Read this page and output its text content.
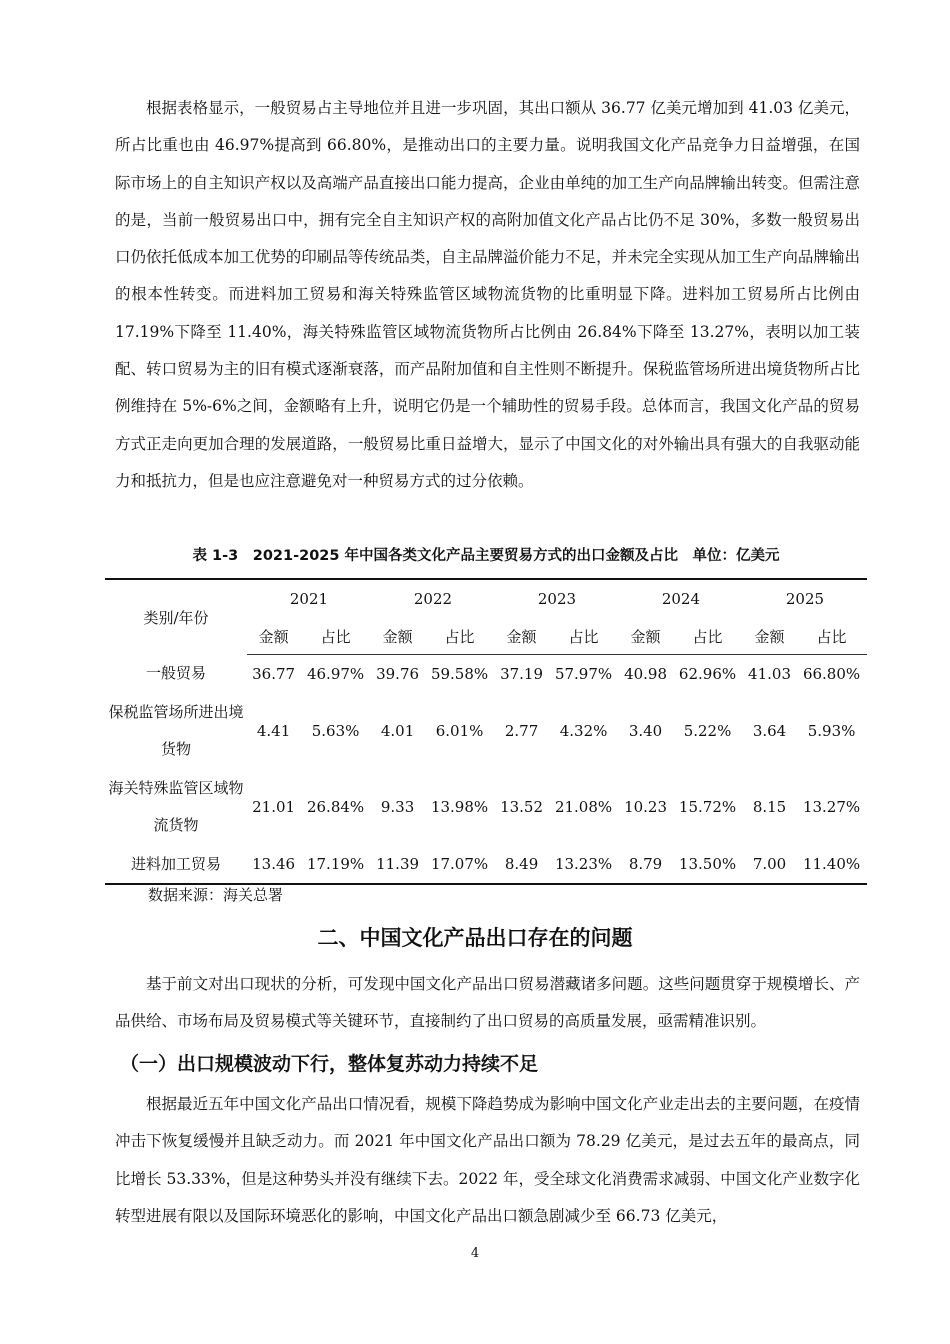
根据表格显示，一般贸易占主导地位并且进一步巩固，其出口额从 36.77 亿美元增加到 41.03 亿美元，所占比重也由 46.97%提高到 66.80%，是推动出口的主要力量。说明我国文化产品竞争力日益增强，在国际市场上的自主知识产权以及高端产品直接出口能力提高，企业由单纯的加工生产向品牌输出转变。但需注意的是，当前一般贸易出口中，拥有完全自主知识产权的高附加值文化产品占比仍不足 30%，多数一般贸易出口仍依托低成本加工优势的印刷品等传统品类，自主品牌溢价能力不足，并未完全实现从加工生产向品牌输出的根本性转变。而进料加工贸易和海关特殊监管区域物流货物的比重明显下降。进料加工贸易所占比例由 17.19%下降至 11.40%，海关特殊监管区域物流货物所占比例由 26.84%下降至 13.27%，表明以加工装配、转口贸易为主的旧有模式逐渐衰落，而产品附加值和自主性则不断提升。保税监管场所进出境货物所占比例维持在 5%-6%之间，金额略有上升，说明它仍是一个辅助性的贸易手段。总体而言，我国文化产品的贸易方式正走向更加合理的发展道路，一般贸易比重日益增大，显示了中国文化的对外输出具有强大的自我驱动能力和抵抗力，但是也应注意避免对一种贸易方式的过分依赖。

表 1-3　2021-2025 年中国各类文化产品主要贸易方式的出口金额及占比　单位：亿美元
类别/年份	2021		2022		2023		2024		2025	
	金额	占比	金额	占比	金额	占比	金额	占比	金额	占比
一般贸易	36.77	46.97%	39.76	59.58%	37.19	57.97%	40.98	62.96%	41.03	66.80%
保税监管场所进出境货物	4.41	5.63%	4.01	6.01%	2.77	4.32%	3.40	5.22%	3.64	5.93%
海关特殊监管区域物流货物	21.01	26.84%	9.33	13.98%	13.52	21.08%	10.23	15.72%	8.15	13.27%
进料加工贸易	13.46	17.19%	11.39	17.07%	8.49	13.23%	8.79	13.50%	7.00	11.40%
数据来源：海关总署
二、中国文化产品出口存在的问题

基于前文对出口现状的分析，可发现中国文化产品出口贸易潜藏诸多问题。这些问题贯穿于规模增长、产品供给、市场布局及贸易模式等关键环节，直接制约了出口贸易的高质量发展，亟需精准识别。

（一）出口规模波动下行，整体复苏动力持续不足

根据最近五年中国文化产品出口情况看，规模下降趋势成为影响中国文化产业走出去的主要问题，在疫情冲击下恢复缓慢并且缺乏动力。而 2021 年中国文化产品出口额为 78.29 亿美元，是过去五年的最高点，同比增长 53.33%，但是这种势头并没有继续下去。2022 年，受全球文化消费需求减弱、中国文化产业数字化转型进展有限以及国际环境恶化的影响，中国文化产品出口额急剧减少至 66.73 亿美元，

4
